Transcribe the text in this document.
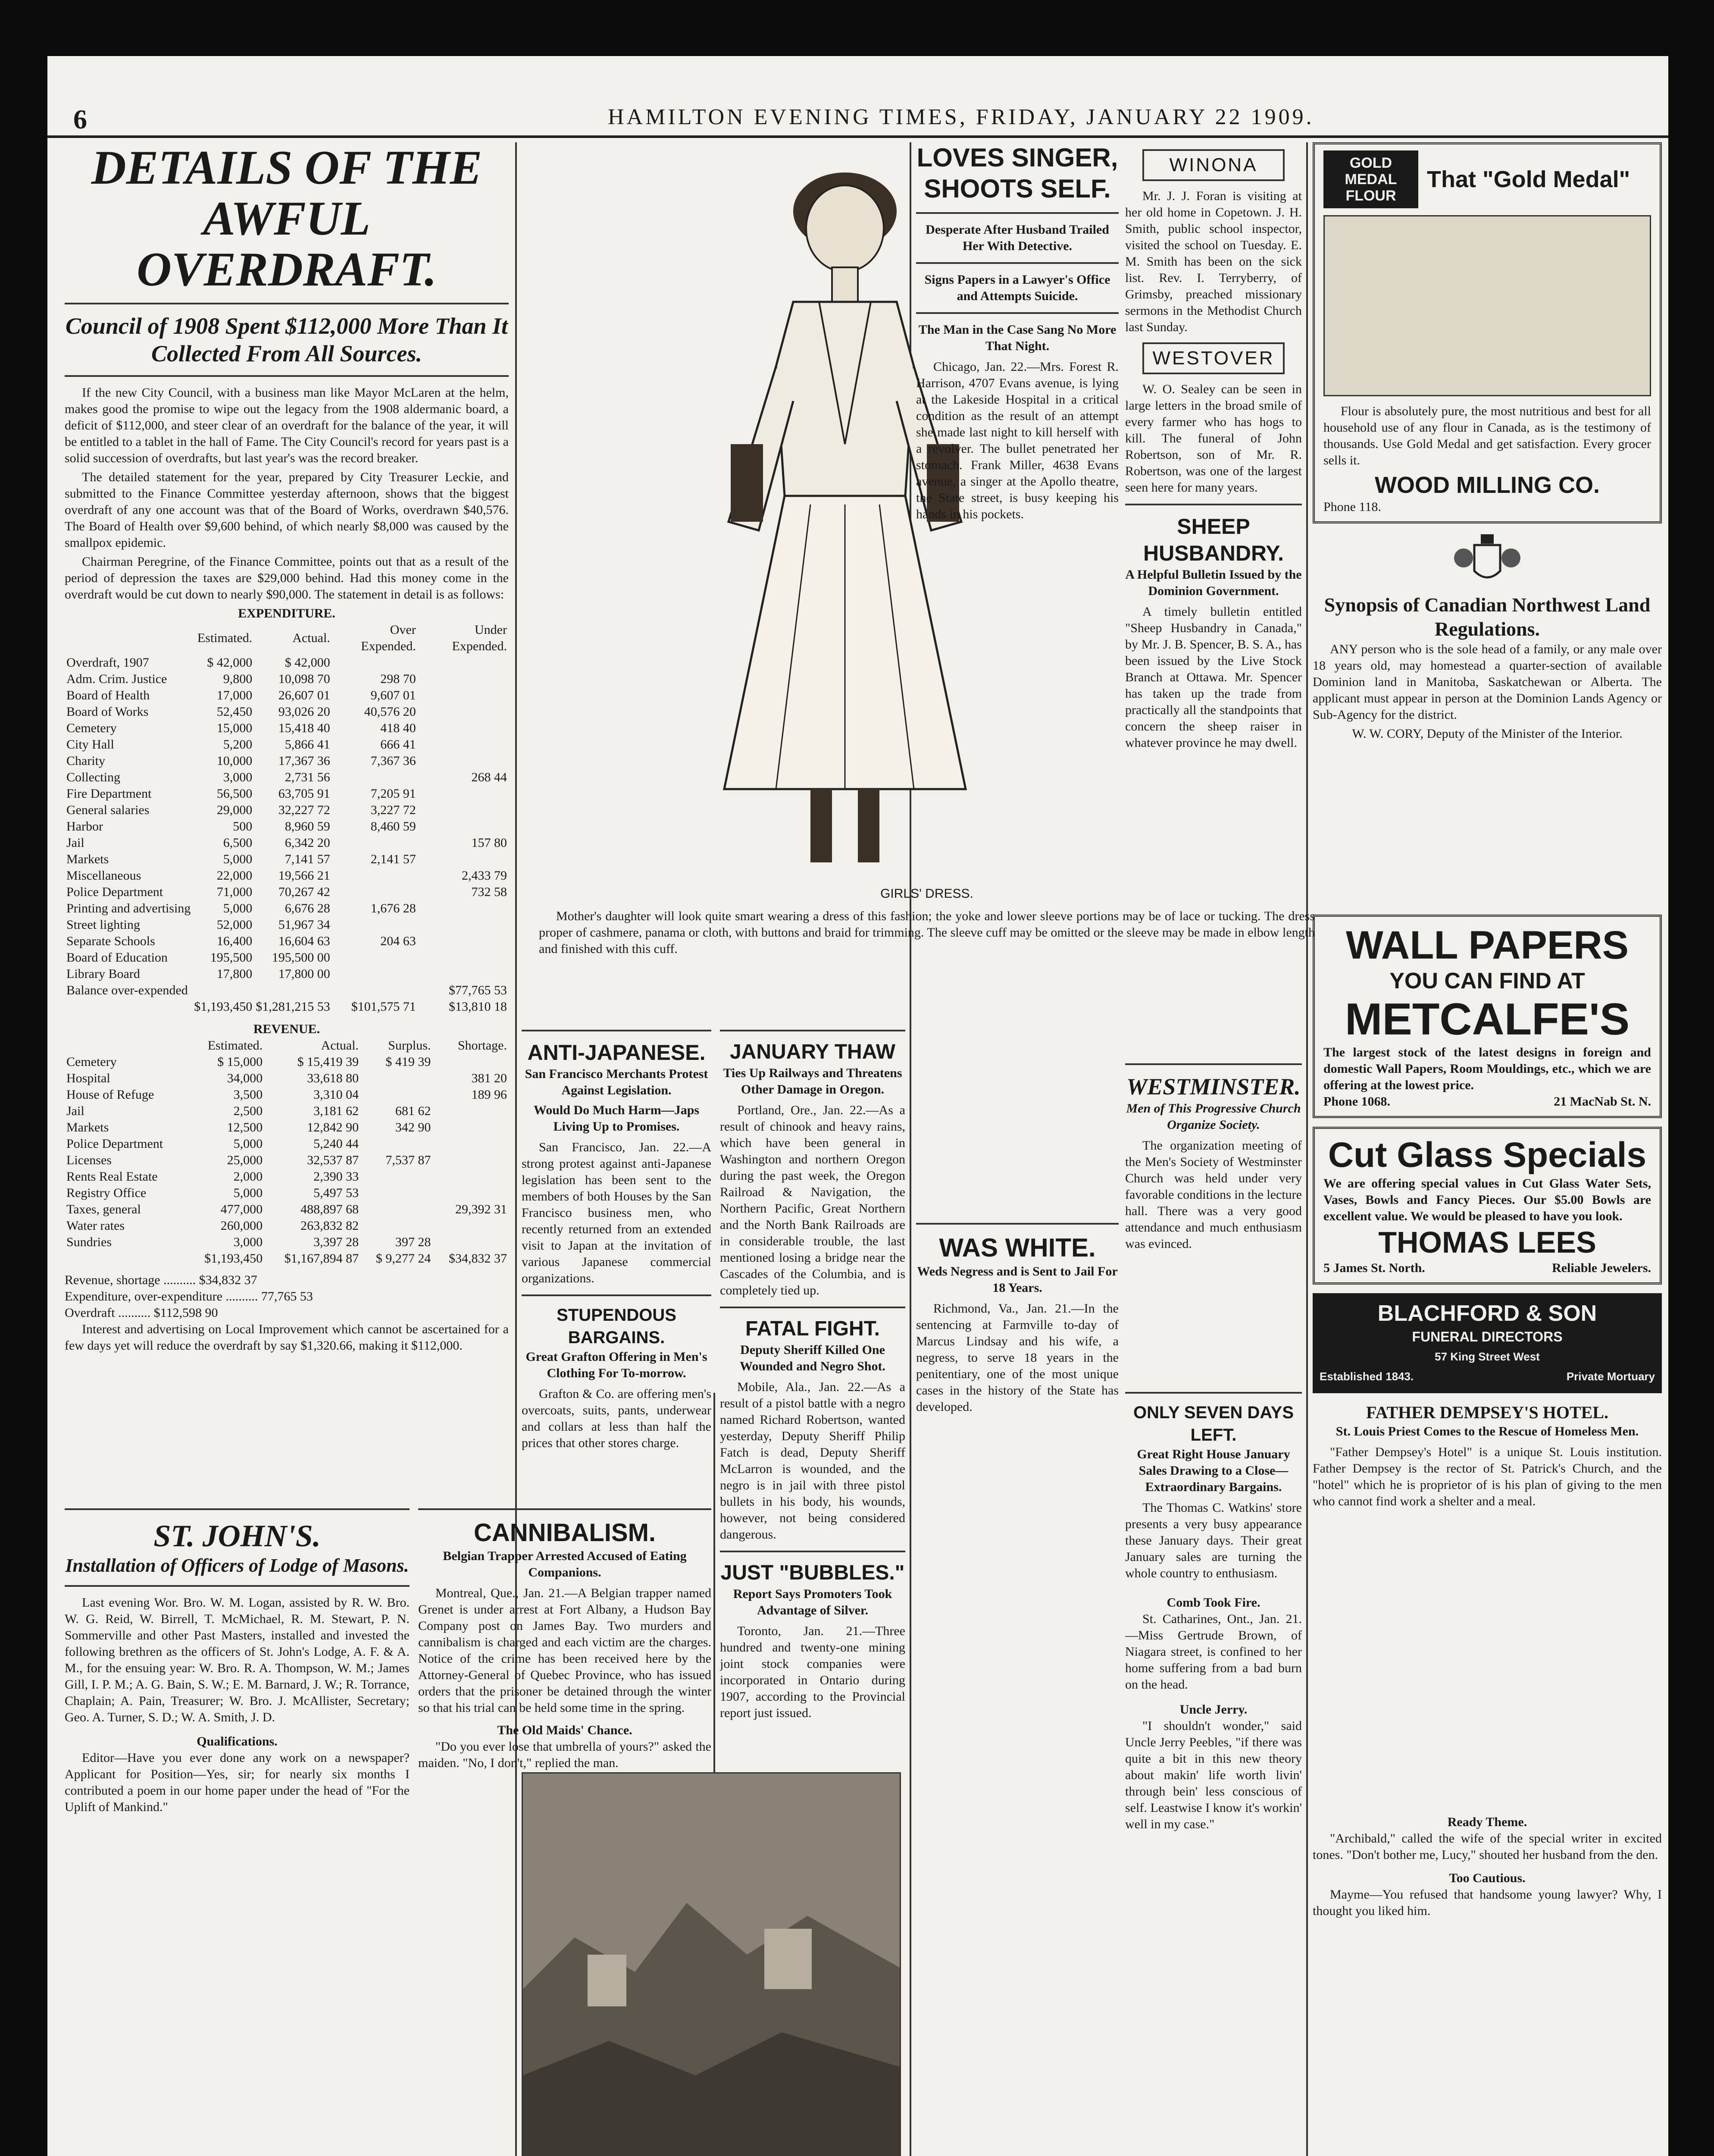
6	HAMILTON EVENING TIMES, FRIDAY, JANUARY 22 1909.
DETAILS OF THE AWFUL OVERDRAFT.
Council of 1908 Spent $112,000 More Than It Collected From All Sources.
If the new City Council, with a business man like Mayor McLaren at the helm, makes good the promise to wipe out the legacy from the 1908 aldermanic board, a deficit of $112,000, and steer clear of an overdraft for the balance of the year, it will be entitled to a tablet in the hall of Fame. The City Council's record for years past is a solid succession of overdrafts, but last year's was the record breaker.
The detailed statement for the year, prepared by City Treasurer Leckie, and submitted to the Finance Committee yesterday afternoon, shows that the biggest overdraft of any one account was that of the Board of Works, overdrawn $40,576. The Board of Health over $9,600 behind, of which nearly $8,000 was caused by the smallpox epidemic.
Chairman Peregrine, of the Finance Committee, points out that as a result of the period of depression the taxes are $29,000 behind. Had this money come in the overdraft would be cut down to nearly $90,000. The statement in detail is as follows:
EXPENDITURE.
	Estimated.	Actual.	Over Expended.	Under Expended.
Overdraft, 1907	$ 42,000	$ 42,000		
Adm. Crim. Justice	9,800	10,098 70	298 70	
Board of Health	17,000	26,607 01	9,607 01	
Board of Works	52,450	93,026 20	40,576 20	
Cemetery	15,000	15,418 40	418 40	
City Hall	5,200	5,866 41	666 41	
Charity	10,000	17,367 36	7,367 36	
Collecting	3,000	2,731 56		268 44
Fire Department	56,500	63,705 91	7,205 91	
General salaries	29,000	32,227 72	3,227 72	
Harbor	500	8,960 59	8,460 59	
Jail	6,500	6,342 20		157 80
Markets	5,000	7,141 57	2,141 57	
Miscellaneous	22,000	19,566 21		2,433 79
Police Department	71,000	70,267 42		732 58
Printing and advertising	5,000	6,676 28	1,676 28	
Street lighting	52,000	51,967 34		
Separate Schools	16,400	16,604 63	204 63	
Board of Education	195,500	195,500 00		
Library Board	17,800	17,800 00		
Balance over-expended				$77,765 53
	$1,193,450	$1,281,215 53	$101,575 71	$13,810 18
REVENUE.
	Estimated.	Actual.	Surplus.	Shortage.
Cemetery	$ 15,000	$ 15,419 39	$ 419 39	
Hospital	34,000	33,618 80		381 20
House of Refuge	3,500	3,310 04		189 96
Jail	2,500	3,181 62	681 62	
Markets	12,500	12,842 90	342 90	
Police Department	5,000	5,240 44		
Licenses	25,000	32,537 87	7,537 87	
Rents Real Estate	2,000	2,390 33		
Registry Office	5,000	5,497 53		
Taxes, general	477,000	488,897 68		29,392 31
Water rates	260,000	263,832 82		
Sundries	3,000	3,397 28	397 28	
	$1,193,450	$1,167,894 87	$ 9,277 24	$34,832 37
Revenue, shortage .......... $34,832 37
Expenditure, over-expenditure .......... 77,765 53
Overdraft .......... $112,598 90
Interest and advertising on Local Improvement which cannot be ascertained for a few days yet will reduce the overdraft by say $1,320.66, making it $112,000.
ST. JOHN'S.
Installation of Officers of Lodge of Masons.
Last evening Wor. Bro. W. M. Logan, assisted by R. W. Bro. W. G. Reid, W. Birrell, T. McMichael, R. M. Stewart, P. N. Sommerville and other Past Masters, installed and invested the following brethren as the officers of St. John's Lodge, A. F. & A. M., for the ensuing year: W. Bro. R. A. Thompson, W. M.; James Gill, I. P. M.; A. G. Bain, S. W.; E. M. Barnard, J. W.; R. Torrance, Chaplain; A. Pain, Treasurer; W. Bro. J. McAllister, Secretary; Geo. A. Turner, S. D.; W. A. Smith, J. D.
Qualifications.
Editor—Have you ever done any work on a newspaper? Applicant for Position—Yes, sir; for nearly six months I contributed a poem in our home paper under the head of "For the Uplift of Mankind."
GIRLS' DRESS.
Mother's daughter will look quite smart wearing a dress of this fashion; the yoke and lower sleeve portions may be of lace or tucking. The dress proper of cashmere, panama or cloth, with buttons and braid for trimming. The sleeve cuff may be omitted or the sleeve may be made in elbow length and finished with this cuff.
ANTI-JAPANESE.
San Francisco Merchants Protest Against Legislation.
Would Do Much Harm—Japs Living Up to Promises.
San Francisco, Jan. 22.—A strong protest against anti-Japanese legislation has been sent to the members of both Houses by the San Francisco business men, who recently returned from an extended visit to Japan at the invitation of various Japanese commercial organizations.
STUPENDOUS BARGAINS.
Great Grafton Offering in Men's Clothing For To-morrow.
Grafton & Co. are offering men's overcoats, suits, pants, underwear and collars at less than half the prices that other stores charge.
JANUARY THAW
Ties Up Railways and Threatens Other Damage in Oregon.
Portland, Ore., Jan. 22.—As a result of chinook and heavy rains, which have been general in Washington and northern Oregon during the past week, the Oregon Railroad & Navigation, the Northern Pacific, Great Northern and the North Bank Railroads are in considerable trouble, the last mentioned losing a bridge near the Cascades of the Columbia, and is completely tied up.
FATAL FIGHT.
Deputy Sheriff Killed One Wounded and Negro Shot.
Mobile, Ala., Jan. 22.—As a result of a pistol battle with a negro named Richard Robertson, wanted yesterday, Deputy Sheriff Philip Fatch is dead, Deputy Sheriff McLarron is wounded, and the negro is in jail with three pistol bullets in his body, his wounds, however, not being considered dangerous.
JUST "BUBBLES."
Report Says Promoters Took Advantage of Silver.
Toronto, Jan. 21.—Three hundred and twenty-one mining joint stock companies were incorporated in Ontario during 1907, according to the Provincial report just issued.
CANNIBALISM.
Belgian Trapper Arrested Accused of Eating Companions.
Montreal, Que., Jan. 21.—A Belgian trapper named Grenet is under arrest at Fort Albany, a Hudson Bay Company post on James Bay. Two murders and cannibalism is charged and each victim are the charges. Notice of the crime has been received here by the Attorney-General of Quebec Province, who has issued orders that the prisoner be detained through the winter so that his trial can be held some time in the spring.
The Old Maids' Chance.
"Do you ever lose that umbrella of yours?" asked the maiden. "No, I don't," replied the man.
LOVES SINGER, SHOOTS SELF.
Desperate After Husband Trailed Her With Detective.
Signs Papers in a Lawyer's Office and Attempts Suicide.
The Man in the Case Sang No More That Night.
Chicago, Jan. 22.—Mrs. Forest R. Harrison, 4707 Evans avenue, is lying at the Lakeside Hospital in a critical condition as the result of an attempt she made last night to kill herself with a revolver. The bullet penetrated her stomach. Frank Miller, 4638 Evans avenue, a singer at the Apollo theatre, the State street, is busy keeping his hands in his pockets.
WAS WHITE.
Weds Negress and is Sent to Jail For 18 Years.
Richmond, Va., Jan. 21.—In the sentencing at Farmville to-day of Marcus Lindsay and his wife, a negress, to serve 18 years in the penitentiary, one of the most unique cases in the history of the State has developed.
WINONA
Mr. J. J. Foran is visiting at her old home in Copetown. J. H. Smith, public school inspector, visited the school on Tuesday. E. M. Smith has been on the sick list. Rev. I. Terryberry, of Grimsby, preached missionary sermons in the Methodist Church last Sunday.
WESTOVER
W. O. Sealey can be seen in large letters in the broad smile of every farmer who has hogs to kill. The funeral of John Robertson, son of Mr. R. Robertson, was one of the largest seen here for many years.
SHEEP HUSBANDRY.
A Helpful Bulletin Issued by the Dominion Government.
A timely bulletin entitled "Sheep Husbandry in Canada," by Mr. J. B. Spencer, B. S. A., has been issued by the Live Stock Branch at Ottawa. Mr. Spencer has taken up the trade from practically all the standpoints that concern the sheep raiser in whatever province he may dwell.
WESTMINSTER.
Men of This Progressive Church Organize Society.
The organization meeting of the Men's Society of Westminster Church was held under very favorable conditions in the lecture hall. There was a very good attendance and much enthusiasm was evinced.
ONLY SEVEN DAYS LEFT.
Great Right House January Sales Drawing to a Close—Extraordinary Bargains.
The Thomas C. Watkins' store presents a very busy appearance these January days. Their great January sales are turning the whole country to enthusiasm.
Comb Took Fire.
St. Catharines, Ont., Jan. 21.—Miss Gertrude Brown, of Niagara street, is confined to her home suffering from a bad burn on the head.
Uncle Jerry.
"I shouldn't wonder," said Uncle Jerry Peebles, "if there was quite a bit in this new theory about makin' life worth livin' through bein' less conscious of self. Leastwise I know it's workin' well in my case."
GOLD MEDAL FLOUR
That "Gold Medal"
Flour is absolutely pure, the most nutritious and best for all household use of any flour in Canada, as is the testimony of thousands. Use Gold Medal and get satisfaction. Every grocer sells it.
WOOD MILLING CO.
Phone 118.
Synopsis of Canadian Northwest Land Regulations.
ANY person who is the sole head of a family, or any male over 18 years old, may homestead a quarter-section of available Dominion land in Manitoba, Saskatchewan or Alberta. The applicant must appear in person at the Dominion Lands Agency or Sub-Agency for the district.
W. W. CORY, Deputy of the Minister of the Interior.
WALL PAPERS
YOU CAN FIND AT
METCALFE'S
The largest stock of the latest designs in foreign and domestic Wall Papers, Room Mouldings, etc., which we are offering at the lowest price.
Phone 1068.	21 MacNab St. N.
Cut Glass Specials
We are offering special values in Cut Glass Water Sets, Vases, Bowls and Fancy Pieces. Our $5.00 Bowls are excellent value. We would be pleased to have you look.
THOMAS LEES
5 James St. North.	Reliable Jewelers.
BLACHFORD & SON
FUNERAL DIRECTORS
57 King Street West
Established 1843.	Private Mortuary
FATHER DEMPSEY'S HOTEL.
St. Louis Priest Comes to the Rescue of Homeless Men.
"Father Dempsey's Hotel" is a unique St. Louis institution. Father Dempsey is the rector of St. Patrick's Church, and the "hotel" which he is proprietor of is his plan of giving to the men who cannot find work a shelter and a meal.
Ready Theme.
"Archibald," called the wife of the special writer in excited tones. "Don't bother me, Lucy," shouted her husband from the den.
Too Cautious.
Mayme—You refused that handsome young lawyer? Why, I thought you liked him.
